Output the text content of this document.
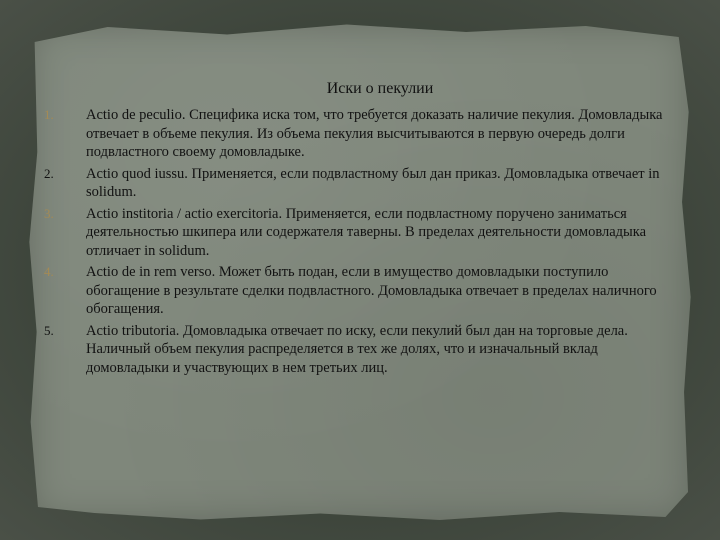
Иски о пекулии
1.	Actio de peculio. Специфика иска том, что требуется доказать наличие пекулия. Домовладыка отвечает в объеме пекулия. Из объема пекулия высчитываются в первую очередь долги подвластного своему домовладыке.
2.	Actio quod iussu. Применяется, если подвластному был дан приказ. Домовладыка отвечает in solidum.
3.	Actio institoria / actio exercitoria. Применяется, если подвластному поручено заниматься деятельностью шкипера или содержателя таверны. В пределах деятельности домовладыка отличает in solidum.
4.	Actio de in rem verso. Может быть подан, если в имущество домовладыки поступило обогащение в результате сделки подвластного. Домовладыка отвечает в пределах наличного обогащения.
5.	Actio tributoria. Домовладыка отвечает по иску, если пекулий был дан на торговые дела. Наличный объем пекулия распределяется в тех же долях, что и изначальный вклад домовладыки и участвующих в нем третьих лиц.
